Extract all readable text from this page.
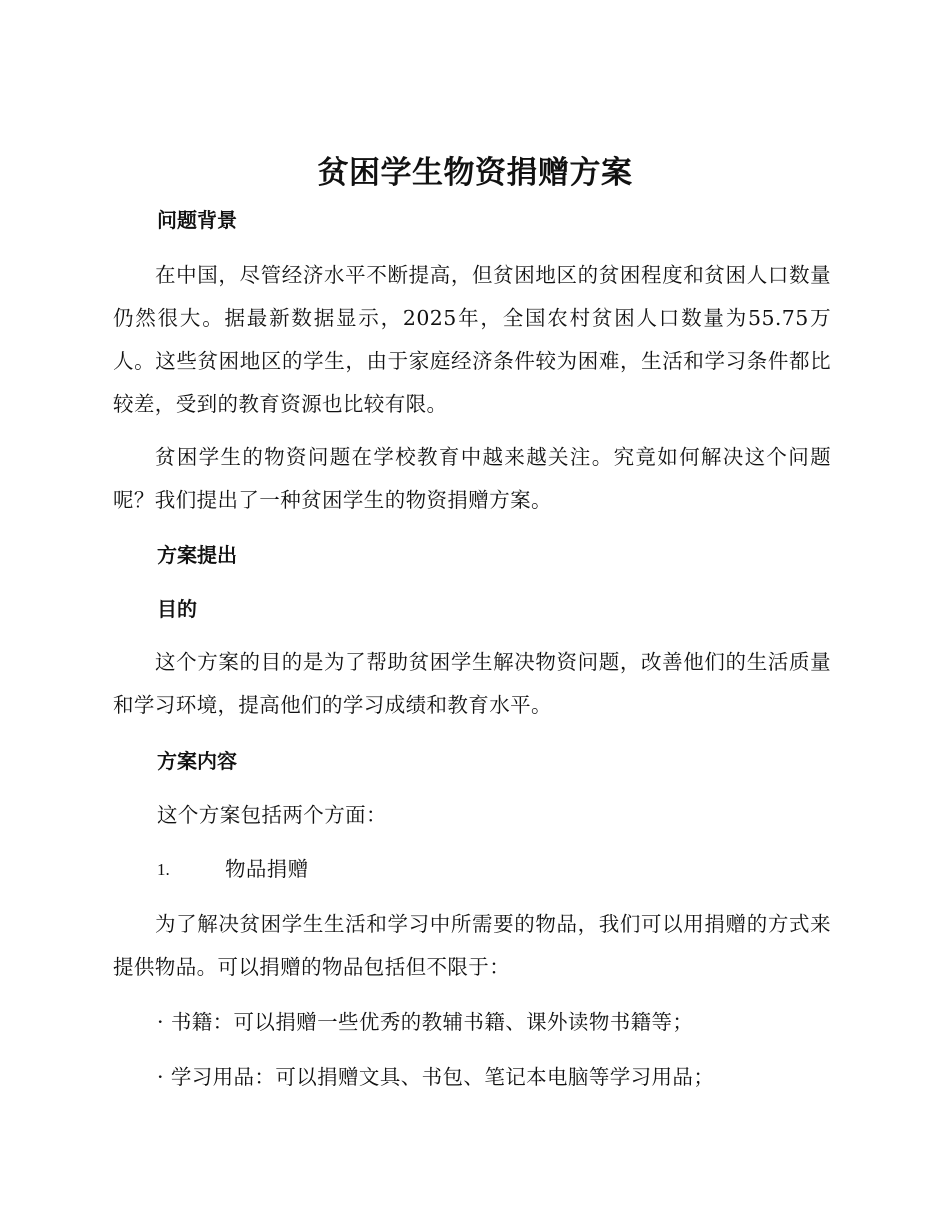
贫困学生物资捐赠方案
问题背景
在中国，尽管经济水平不断提高，但贫困地区的贫困程度和贫困人口数量仍然很大。据最新数据显示，2025年，全国农村贫困人口数量为55.75万人。这些贫困地区的学生，由于家庭经济条件较为困难，生活和学习条件都比较差，受到的教育资源也比较有限。
贫困学生的物资问题在学校教育中越来越关注。究竟如何解决这个问题呢？我们提出了一种贫困学生的物资捐赠方案。
方案提出
目的
这个方案的目的是为了帮助贫困学生解决物资问题，改善他们的生活质量和学习环境，提高他们的学习成绩和教育水平。
方案内容
这个方案包括两个方面：
1.	物品捐赠
为了解决贫困学生生活和学习中所需要的物品，我们可以用捐赠的方式来提供物品。可以捐赠的物品包括但不限于：
· 书籍：可以捐赠一些优秀的教辅书籍、课外读物书籍等；
· 学习用品：可以捐赠文具、书包、笔记本电脑等学习用品；
